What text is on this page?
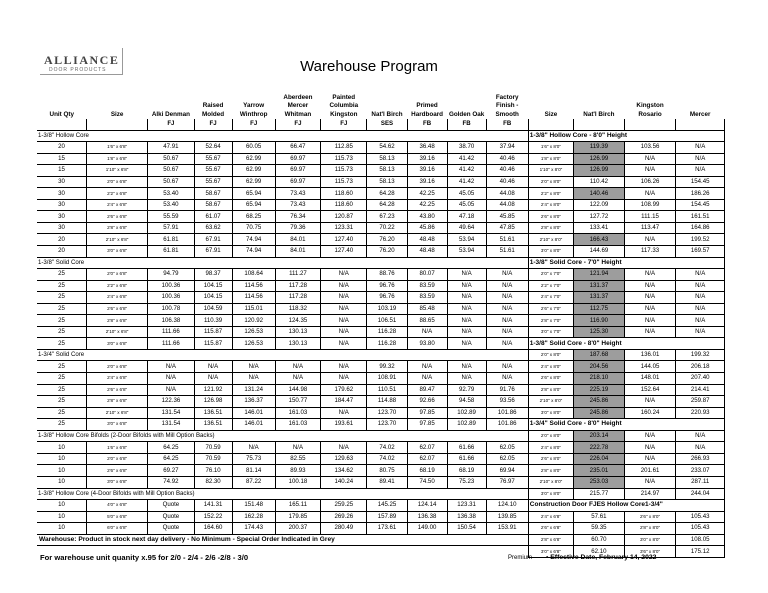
ALLIANCE
DOOR PRODUCTS	Warehouse Program
Unit Qty	Size	Alki Denman	Raised Molded	Yarrow Winthrop	Aberdeen Mercer Whitman	Painted Columbia Kingston	Nat'l Birch	Primed Hardboard	Golden Oak	Factory Finish - Smooth	Size	Nat'l Birch	Kingston Rosario	Mercer
		FJ	FJ	FJ	FJ	FJ	SES	FB	FB	FB				
1-3/8" Hollow Core											1-3/8" Hollow Core - 8'0" Height			
20	1'6" x 6'8"	47.91	52.64	60.05	66.47	112.85	54.62	36.48	38.70	37.94	1'6" x 8'0"	119.39	103.56	N/A
15	1'8" x 6'8"	50.67	55.67	62.99	69.97	115.73	58.13	39.16	41.42	40.46	1'8" x 8'0"	126.99	N/A	N/A
15	1'10" x 6'8"	50.67	55.67	62.99	69.97	115.73	58.13	39.16	41.42	40.46	1'10" x 8'0"	126.99	N/A	N/A
30	2'0" x 6'8"	50.67	55.67	62.99	69.97	115.73	58.13	39.16	41.42	40.46	2'0" x 8'0"	110.42	106.26	154.45
30	2'2" x 6'8"	53.40	58.67	65.94	73.43	118.60	64.28	42.25	45.05	44.08	2'2" x 8'0"	140.46	N/A	186.26
30	2'4" x 6'8"	53.40	58.67	65.94	73.43	118.60	64.28	42.25	45.05	44.08	2'4" x 8'0"	122.09	108.99	154.45
30	2'6" x 6'8"	55.59	61.07	68.25	76.34	120.87	67.23	43.80	47.18	45.85	2'6" x 8'0"	127.72	111.15	161.51
30	2'8" x 6'8"	57.91	63.62	70.75	79.36	123.31	70.22	45.86	49.64	47.85	2'8" x 8'0"	133.41	113.47	164.86
20	2'10" x 6'8"	61.81	67.91	74.94	84.01	127.40	76.20	48.48	53.94	51.61	2'10" x 8'0"	166.43	N/A	199.52
20	3'0" x 6'8"	61.81	67.91	74.94	84.01	127.40	76.20	48.48	53.94	51.61	3'0" x 8'0"	144.69	117.33	169.57
1-3/8" Solid Core											1-3/8" Solid Core - 7'0" Height			
25	2'0" x 6'8"	94.79	98.37	108.64	111.27	N/A	88.76	80.07	N/A	N/A	2'0" x 7'0"	121.94	N/A	N/A
25	2'2" x 6'8"	100.36	104.15	114.56	117.28	N/A	96.76	83.59	N/A	N/A	2'2" x 7'0"	131.37	N/A	N/A
25	2'4" x 6'8"	100.36	104.15	114.56	117.28	N/A	96.76	83.59	N/A	N/A	2'4" x 7'0"	131.37	N/A	N/A
25	2'6" x 6'8"	100.78	104.59	115.01	118.32	N/A	103.19	85.48	N/A	N/A	2'6" x 7'0"	112.75	N/A	N/A
25	2'8" x 6'8"	106.38	110.39	120.92	124.35	N/A	106.51	88.65	N/A	N/A	2'8" x 7'0"	116.90	N/A	N/A
25	2'10" x 6'8"	111.66	115.87	126.53	130.13	N/A	116.28	N/A	N/A	N/A	3'0" x 7'0"	125.30	N/A	N/A
25	3'0" x 6'8"	111.66	115.87	126.53	130.13	N/A	116.28	93.80	N/A	N/A	1-3/8" Solid Core - 8'0" Height			
1-3/4" Solid Core											2'0" x 8'0"	187.68	136.01	199.32
25	2'0" x 6'8"	N/A	N/A	N/A	N/A	N/A	99.32	N/A	N/A	N/A	2'4" x 8'0"	204.56	144.05	206.18
25	2'4" x 6'8"	N/A	N/A	N/A	N/A	N/A	108.91	N/A	N/A	N/A	2'6" x 8'0"	218.10	148.01	207.40
25	2'6" x 6'8"	N/A	121.92	131.24	144.98	179.62	110.51	89.47	92.79	91.76	2'8" x 8'0"	225.19	152.64	214.41
25	2'8" x 6'8"	122.36	126.98	136.37	150.77	184.47	114.88	92.66	94.58	93.56	2'10" x 8'0"	245.86	N/A	259.87
25	2'10" x 6'8"	131.54	136.51	146.01	161.03	N/A	123.70	97.85	102.89	101.86	3'0" x 8'0"	245.86	160.24	220.93
25	3'0" x 6'8"	131.54	136.51	146.01	161.03	193.61	123.70	97.85	102.89	101.86	1-3/4" Solid Core - 8'0" Height			
1-3/8" Hollow Core Bifolds (2-Door Bifolds with Mill Option Backs)											2'0" x 8'0"	203.14	N/A	N/A
10	1'6" x 6'8"	64.25	70.59	N/A	N/A	N/A	74.02	62.07	61.66	62.05	2'4" x 8'0"	222.78	N/A	N/A
10	2'0" x 6'8"	64.25	70.59	75.73	82.55	129.63	74.02	62.07	61.66	62.05	2'6" x 8'0"	226.04	N/A	266.93
10	2'6" x 6'8"	69.27	76.10	81.14	89.93	134.62	80.75	68.19	68.19	69.94	2'8" x 8'0"	235.01	201.61	233.07
10	3'0" x 6'8"	74.92	82.30	87.22	100.18	140.24	89.41	74.50	75.23	76.97	2'10" x 8'0"	253.03	N/A	287.11
1-3/8" Hollow Core (4-Door Bifolds with Mill Option Backs)											3'0" x 8'0"	215.77	214.97	244.04
10	4'0" x 6'8"	Quote	141.31	151.48	165.11	259.25	145.25	124.14	123.31	124.10	Construction Door FJES Hollow Core1-3/4"			
10	5'0" x 6'8"	Quote	152.22	162.28	179.85	269.26	157.89	136.38	136.38	139.85	2'4" x 6'8"	57.61	2'6" x 8'0"	105.43
10	6'0" x 6'8"	Quote	164.60	174.43	200.37	280.49	173.61	149.00	150.54	153.91	2'6" x 6'8"	59.35	2'8" x 8'0"	105.43
Warehouse: Product in stock next day delivery - No Minimum - Special Order Indicated in Grey											2'8" x 6'8"	60.70	3'0" x 8'0"	108.05
											3'0" x 6'8"	62.10	3'6" x 8'0"	175.12
For warehouse unit quanity x.95 for 2/0 - 2/4 - 2/6 -2/8 - 3/0	Premium • Effective Date, February 14, 2022
